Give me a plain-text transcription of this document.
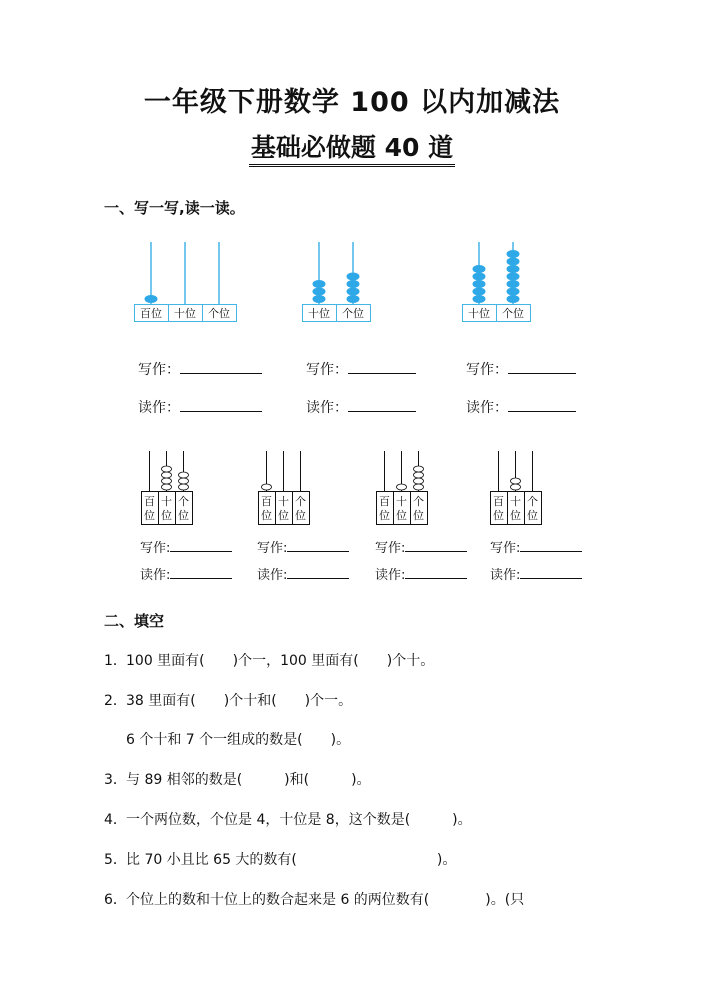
一年级下册数学 100 以内加减法
基础必做题 40 道
一、写一写,读一读。
百位 十位 个位	十位 个位	十位 个位
写作：	写作：	写作：
读作：	读作：	读作：
百
位
十
位
个
位
百
位
十
位
个
位
百
位
十
位
个
位
百
位
十
位
个
位
写作:	写作:	写作:	写作:
读作:	读作:	读作:	读作:
二、填空
1．100 里面有(　　)个一，100 里面有(　　)个十。
2．38 里面有(　　)个十和(　　)个一。
6 个十和 7 个一组成的数是(　　)。
3．与 89 相邻的数是(　　　)和(　　　)。
4．一个两位数，个位是 4，十位是 8，这个数是(　　　)。
5．比 70 小且比 65 大的数有(　　　　　　　　　　)。
6．个位上的数和十位上的数合起来是 6 的两位数有(　　　　)。(只
